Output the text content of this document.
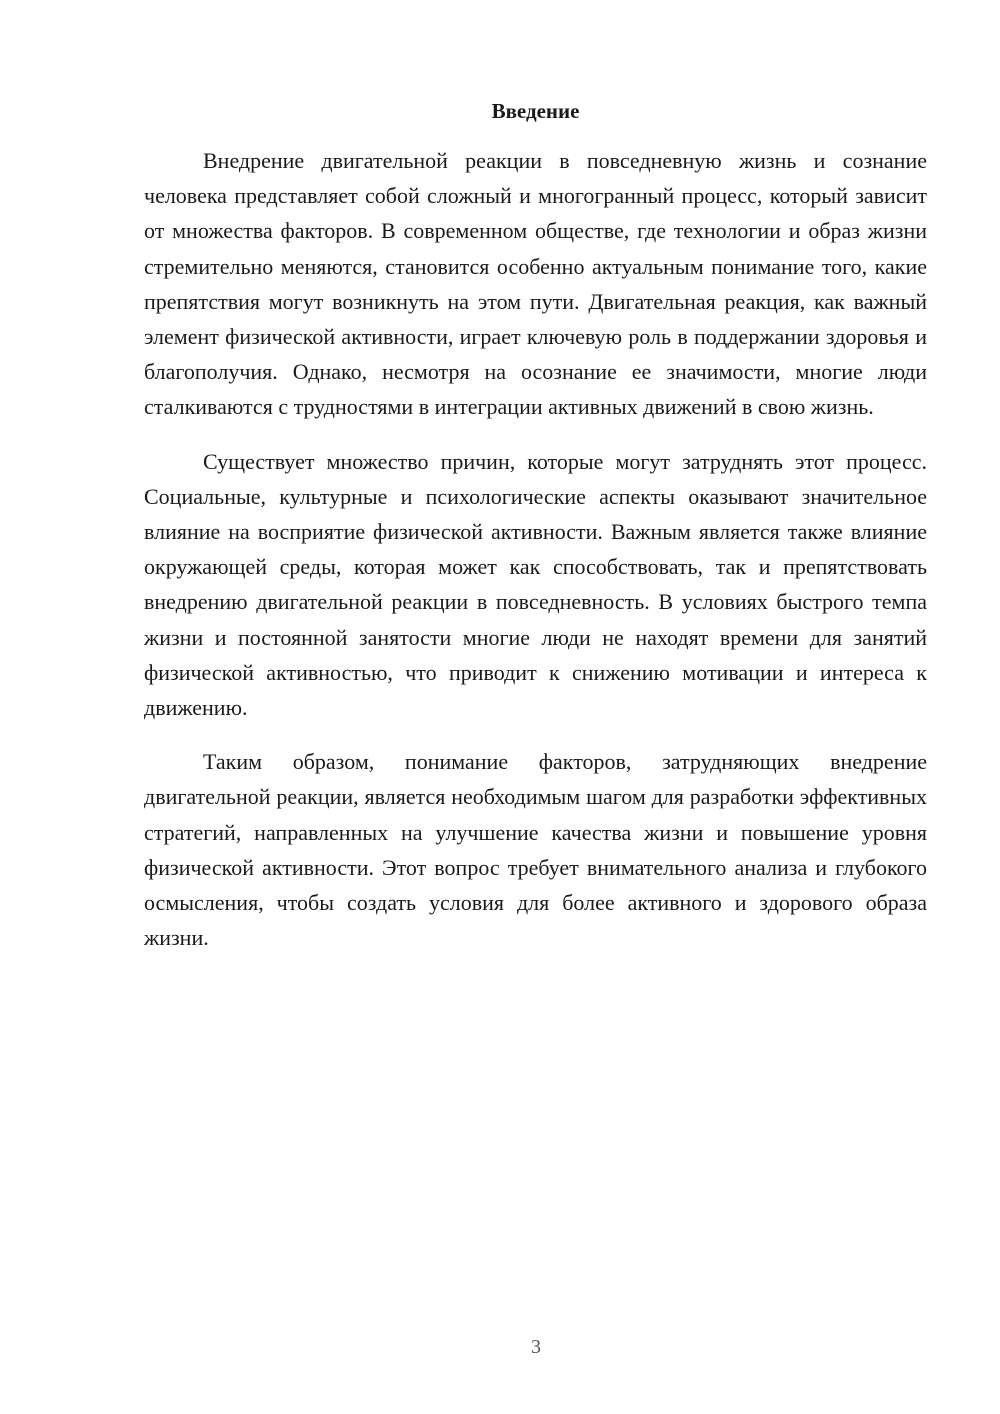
Введение

Внедрение двигательной реакции в повседневную жизнь и сознание человека представляет собой сложный и многогранный процесс, который зависит от множества факторов. В современном обществе, где технологии и образ жизни стремительно меняются, становится особенно актуальным понимание того, какие препятствия могут возникнуть на этом пути. Двигательная реакция, как важный элемент физической активности, играет ключевую роль в поддержании здоровья и благополучия. Однако, несмотря на осознание ее значимости, многие люди сталкиваются с трудностями в интеграции активных движений в свою жизнь.

Существует множество причин, которые могут затруднять этот процесс. Социальные, культурные и психологические аспекты оказывают значительное влияние на восприятие физической активности. Важным является также влияние окружающей среды, которая может как способствовать, так и препятствовать внедрению двигательной реакции в повседневность. В условиях быстрого темпа жизни и постоянной занятости многие люди не находят времени для занятий физической активностью, что приводит к снижению мотивации и интереса к движению.

Таким образом, понимание факторов, затрудняющих внедрение двигательной реакции, является необходимым шагом для разработки эффективных стратегий, направленных на улучшение качества жизни и повышение уровня физической активности. Этот вопрос требует внимательного анализа и глубокого осмысления, чтобы создать условия для более активного и здорового образа жизни.

3
